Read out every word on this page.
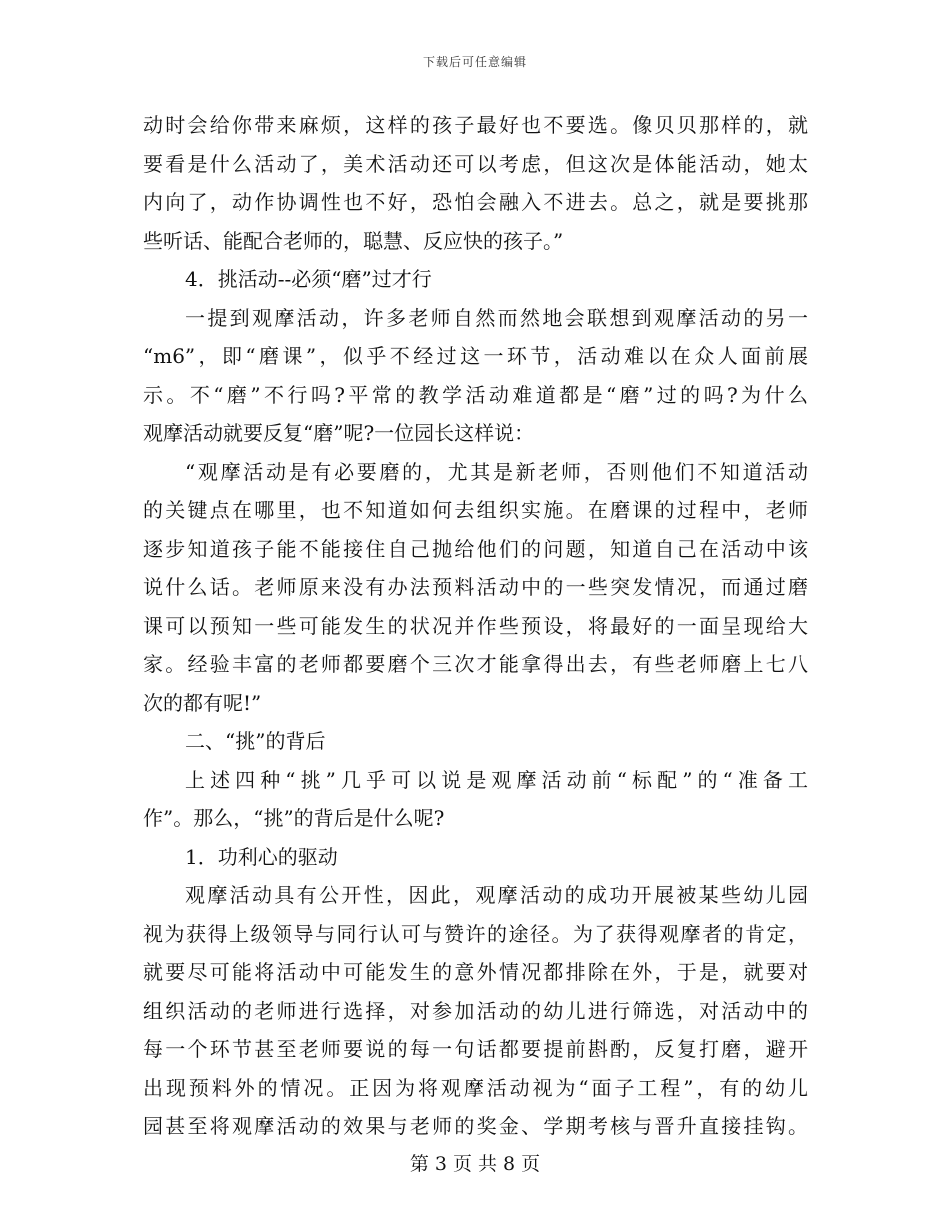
下载后可任意编辑
动时会给你带来麻烦，这样的孩子最好也不要选。像贝贝那样的，就
要看是什么活动了，美术活动还可以考虑，但这次是体能活动，她太
内向了，动作协调性也不好，恐怕会融入不进去。总之，就是要挑那
些听话、能配合老师的，聪慧、反应快的孩子。”
4．挑活动--必须“磨”过才行
一提到观摩活动，许多老师自然而然地会联想到观摩活动的另一
“m6”，即“磨课”，似乎不经过这一环节，活动难以在众人面前展
示。不“磨”不行吗?平常的教学活动难道都是“磨”过的吗?为什么
观摩活动就要反复“磨”呢?一位园长这样说：
“观摩活动是有必要磨的，尤其是新老师，否则他们不知道活动
的关键点在哪里，也不知道如何去组织实施。在磨课的过程中，老师
逐步知道孩子能不能接住自己抛给他们的问题，知道自己在活动中该
说什么话。老师原来没有办法预料活动中的一些突发情况，而通过磨
课可以预知一些可能发生的状况并作些预设，将最好的一面呈现给大
家。经验丰富的老师都要磨个三次才能拿得出去，有些老师磨上七八
次的都有呢!”
二、“挑”的背后
上述四种“挑”几乎可以说是观摩活动前“标配”的“准备工
作”。那么，“挑”的背后是什么呢?
1．功利心的驱动
观摩活动具有公开性，因此，观摩活动的成功开展被某些幼儿园
视为获得上级领导与同行认可与赞许的途径。为了获得观摩者的肯定，
就要尽可能将活动中可能发生的意外情况都排除在外，于是，就要对
组织活动的老师进行选择，对参加活动的幼儿进行筛选，对活动中的
每一个环节甚至老师要说的每一句话都要提前斟酌，反复打磨，避开
出现预料外的情况。正因为将观摩活动视为“面子工程”，有的幼儿
园甚至将观摩活动的效果与老师的奖金、学期考核与晋升直接挂钩。
第 3 页 共 8 页
